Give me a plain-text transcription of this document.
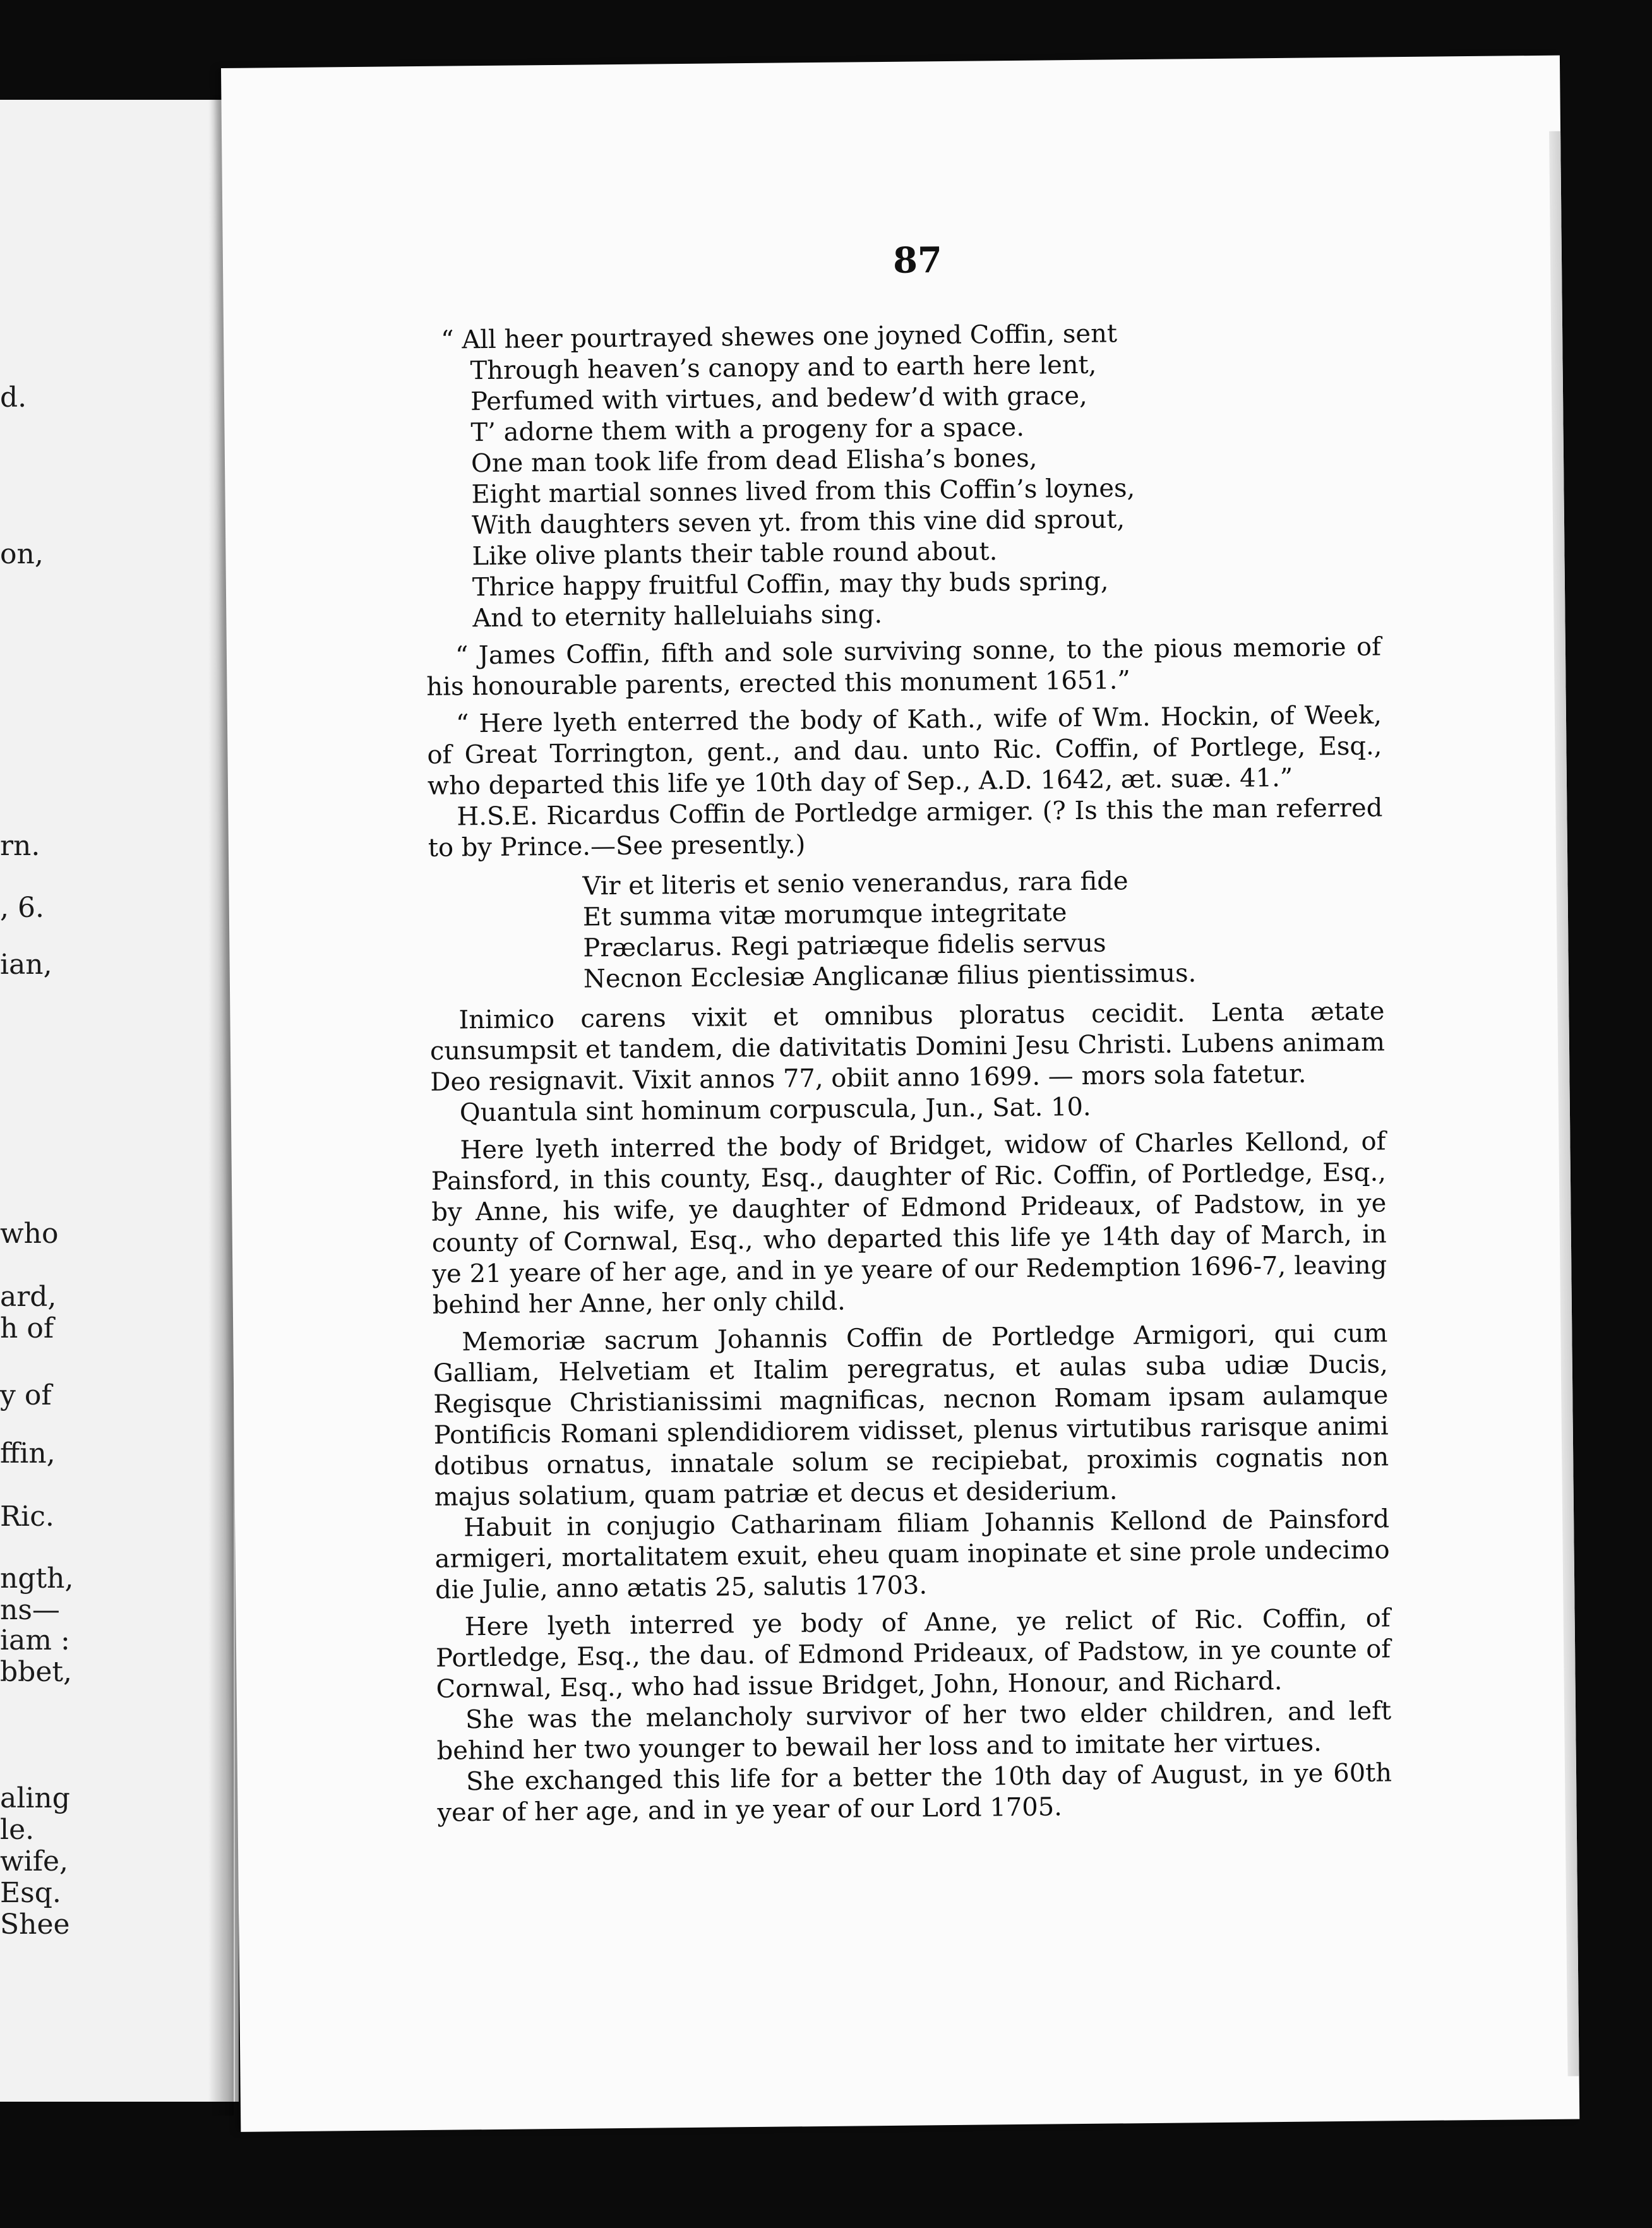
d.
on,
rn.
, 6.
ian,
who
ard,
h of
y of
ffin,
Ric.
ngth,
ns—
iam :
bbet,
aling
le.
wife,
Esq.
Shee
87
“ All heer pourtrayed shewes one joyned Coffin, sent
Through heaven’s canopy and to earth here lent,
Perfumed with virtues, and bedew’d with grace,
T’ adorne them with a progeny for a space.
One man took life from dead Elisha’s bones,
Eight martial sonnes lived from this Coffin’s loynes,
With daughters seven yt. from this vine did sprout,
Like olive plants their table round about.
Thrice happy fruitful Coffin, may thy buds spring,
And to eternity halleluiahs sing.

“ James Coffin, fifth and sole surviving sonne, to the pious memorie of his honourable parents, erected this monument 1651.”

“ Here lyeth enterred the body of Kath., wife of Wm. Hockin, of Week, of Great Torrington, gent., and dau. unto Ric. Coffin, of Portlege, Esq., who departed this life ye 10th day of Sep., A.D. 1642, æt. suæ. 41.”

H.S.E. Ricardus Coffin de Portledge armiger. (? Is this the man referred to by Prince.—See presently.)

Vir et literis et senio venerandus, rara fide
Et summa vitæ morumque integritate
Præclarus. Regi patriæque fidelis servus
Necnon Ecclesiæ Anglicanæ filius pientissimus.

Inimico carens vixit et omnibus ploratus cecidit. Lenta ætate cunsumpsit et tandem, die dativitatis Domini Jesu Christi. Lubens animam Deo resignavit. Vixit annos 77, obiit anno 1699. — mors sola fatetur.

Quantula sint hominum corpuscula, Jun., Sat. 10.

Here lyeth interred the body of Bridget, widow of Charles Kellond, of Painsford, in this county, Esq., daughter of Ric. Coffin, of Portledge, Esq., by Anne, his wife, ye daughter of Edmond Prideaux, of Padstow, in ye county of Cornwal, Esq., who departed this life ye 14th day of March, in ye 21 yeare of her age, and in ye yeare of our Redemption 1696-7, leaving behind her Anne, her only child.

Memoriæ sacrum Johannis Coffin de Portledge Armigori, qui cum Galliam, Helvetiam et Italim peregratus, et aulas suba udiæ Ducis, Regisque Christianissimi magnificas, necnon Romam ipsam aulamque Pontificis Romani splendidiorem vidisset, plenus virtutibus rarisque animi dotibus ornatus, innatale solum se recipiebat, proximis cognatis non majus solatium, quam patriæ et decus et desiderium.

Habuit in conjugio Catharinam filiam Johannis Kellond de Painsford armigeri, mortalitatem exuit, eheu quam inopinate et sine prole undecimo die Julie, anno ætatis 25, salutis 1703.

Here lyeth interred ye body of Anne, ye relict of Ric. Coffin, of Portledge, Esq., the dau. of Edmond Prideaux, of Padstow, in ye counte of Cornwal, Esq., who had issue Bridget, John, Honour, and Richard.

She was the melancholy survivor of her two elder children, and left behind her two younger to bewail her loss and to imitate her virtues.

She exchanged this life for a better the 10th day of August, in ye 60th year of her age, and in ye year of our Lord 1705.
